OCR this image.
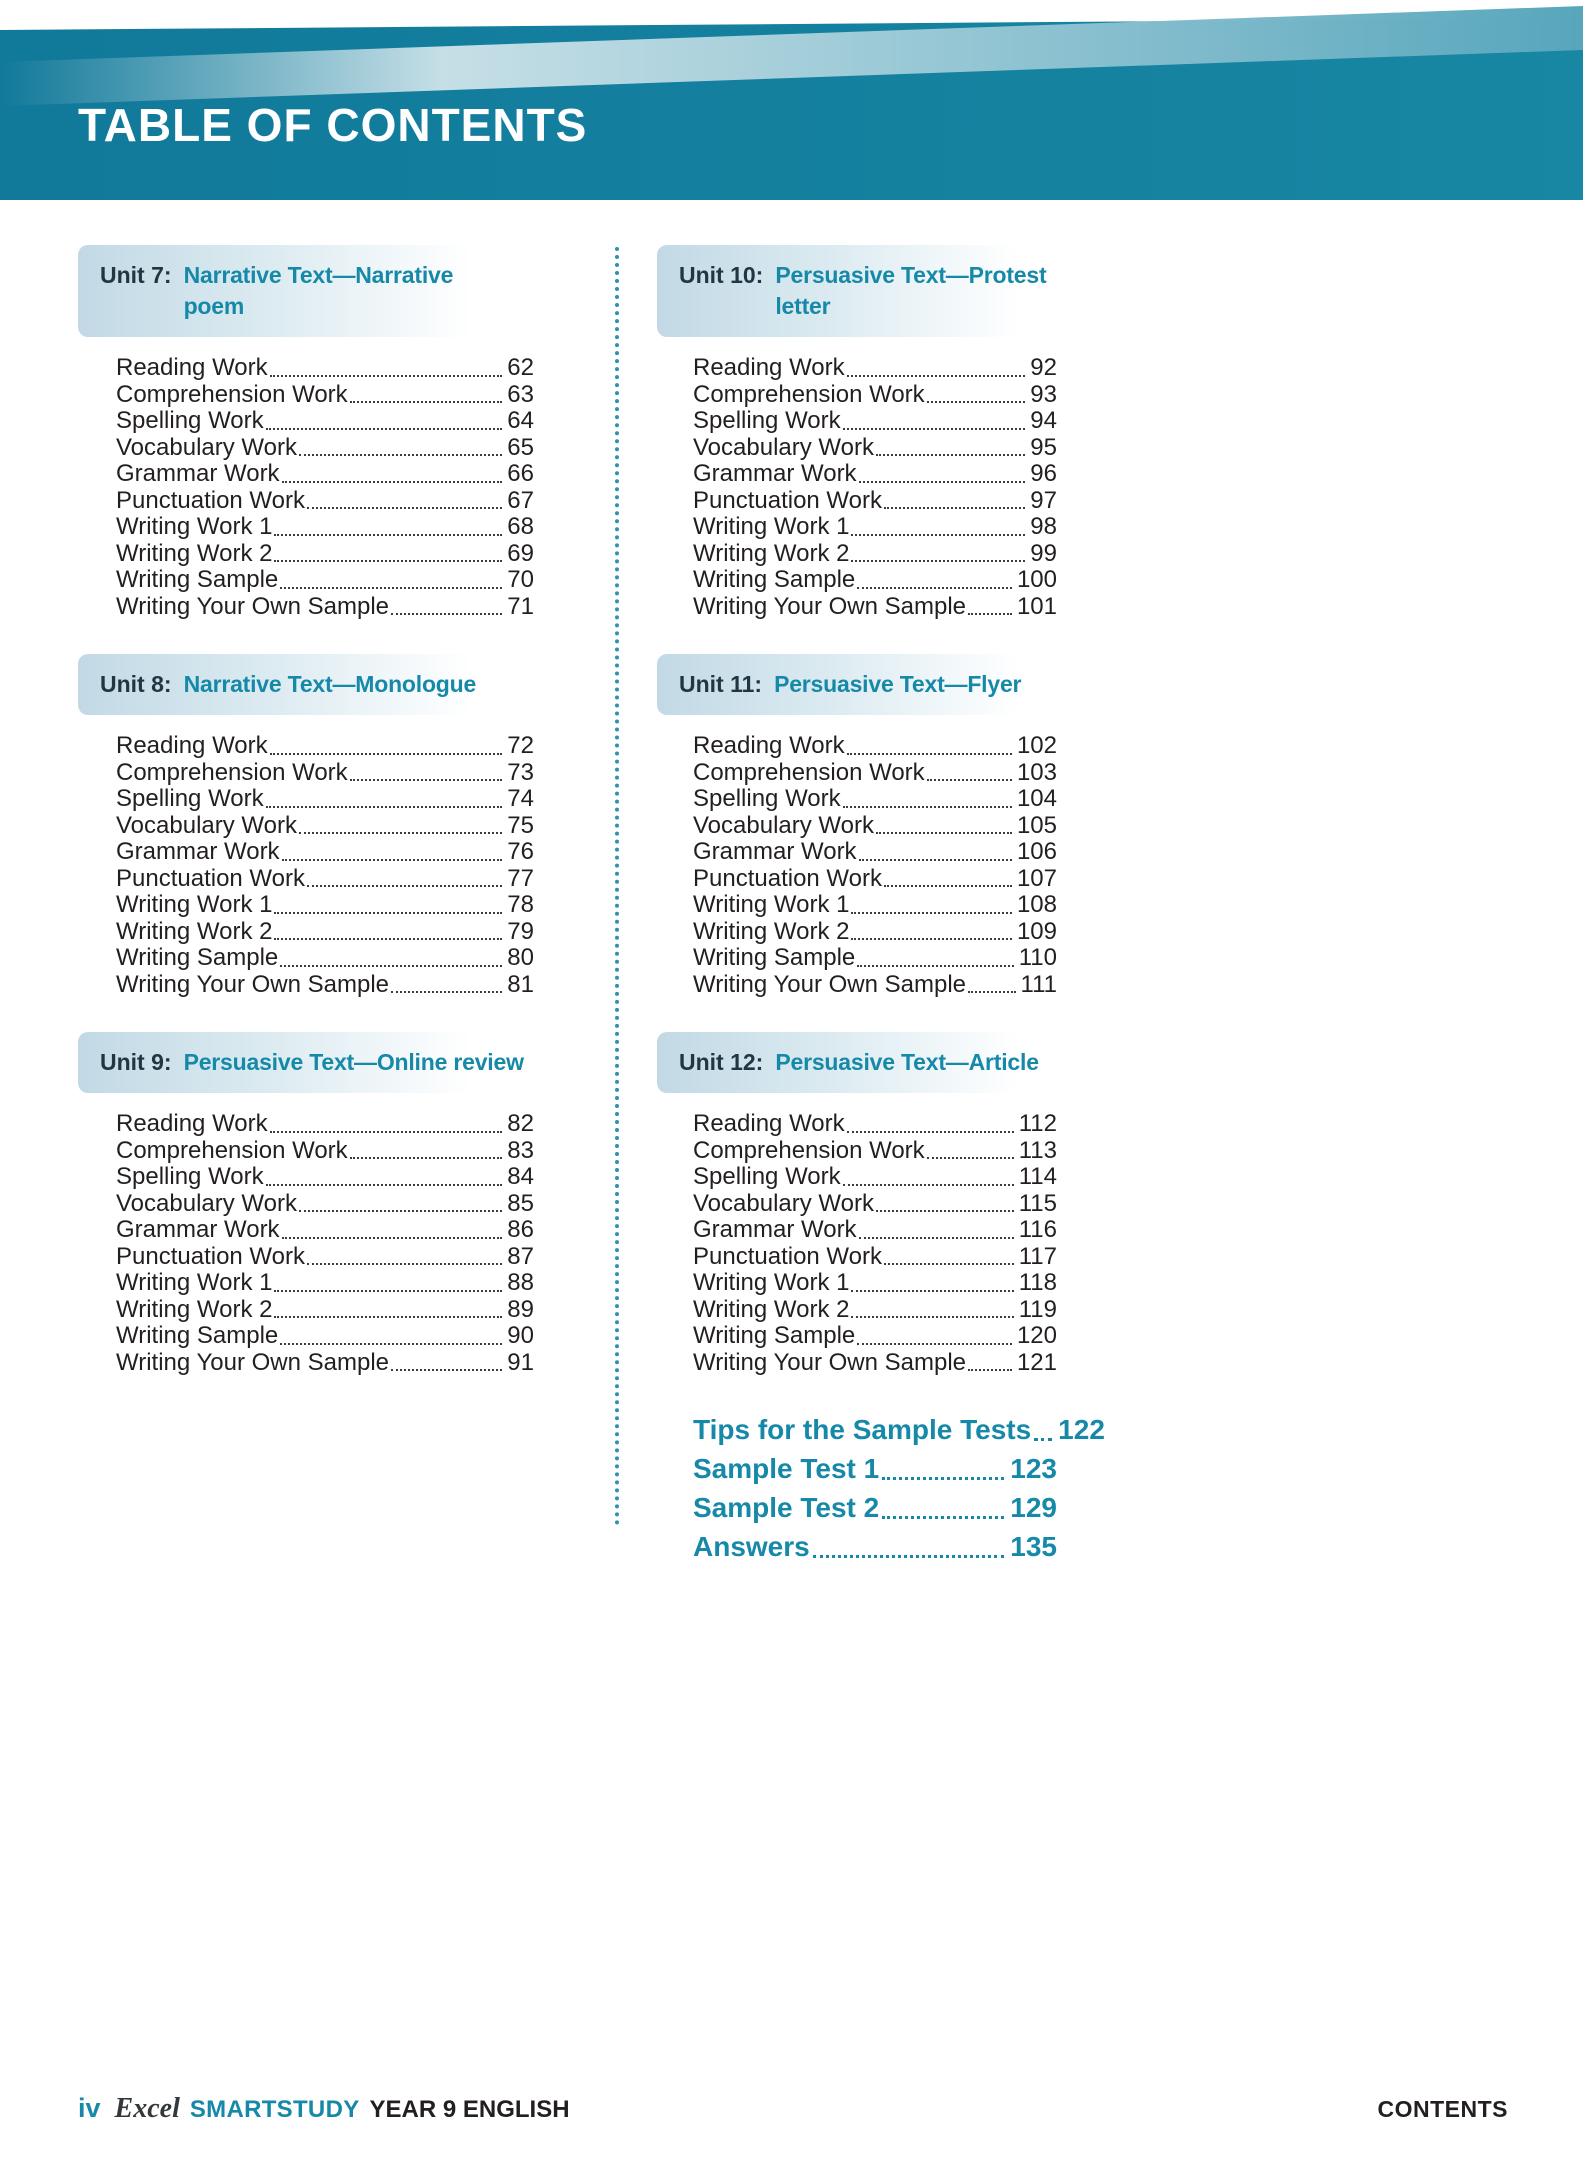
TABLE OF CONTENTS
Unit 7: Narrative Text—Narrative
poem
Reading Work	62
Comprehension Work	63
Spelling Work	64
Vocabulary Work	65
Grammar Work	66
Punctuation Work	67
Writing Work 1	68
Writing Work 2	69
Writing Sample	70
Writing Your Own Sample	71
Unit 8: Narrative Text—Monologue
Reading Work	72
Comprehension Work	73
Spelling Work	74
Vocabulary Work	75
Grammar Work	76
Punctuation Work	77
Writing Work 1	78
Writing Work 2	79
Writing Sample	80
Writing Your Own Sample	81
Unit 9: Persuasive Text—Online review
Reading Work	82
Comprehension Work	83
Spelling Work	84
Vocabulary Work	85
Grammar Work	86
Punctuation Work	87
Writing Work 1	88
Writing Work 2	89
Writing Sample	90
Writing Your Own Sample	91
Unit 10: Persuasive Text—Protest
letter
Reading Work	92
Comprehension Work	93
Spelling Work	94
Vocabulary Work	95
Grammar Work	96
Punctuation Work	97
Writing Work 1	98
Writing Work 2	99
Writing Sample	100
Writing Your Own Sample 101
Unit 11: Persuasive Text—Flyer
Reading Work	102
Comprehension Work	103
Spelling Work	104
Vocabulary Work	105
Grammar Work	106
Punctuation Work	107
Writing Work 1	108
Writing Work 2	109
Writing Sample	110
Writing Your Own Sample 111
Unit 12: Persuasive Text—Article
Reading Work	112
Comprehension Work	113
Spelling Work	114
Vocabulary Work	115
Grammar Work	116
Punctuation Work	117
Writing Work 1	118
Writing Work 2	119
Writing Sample	120
Writing Your Own Sample 121
Tips for the Sample Tests 122
Sample Test 1	123
Sample Test 2	129
Answers	135
iv Excel SMARTSTUDY YEAR 9 ENGLISH	CONTENTS
